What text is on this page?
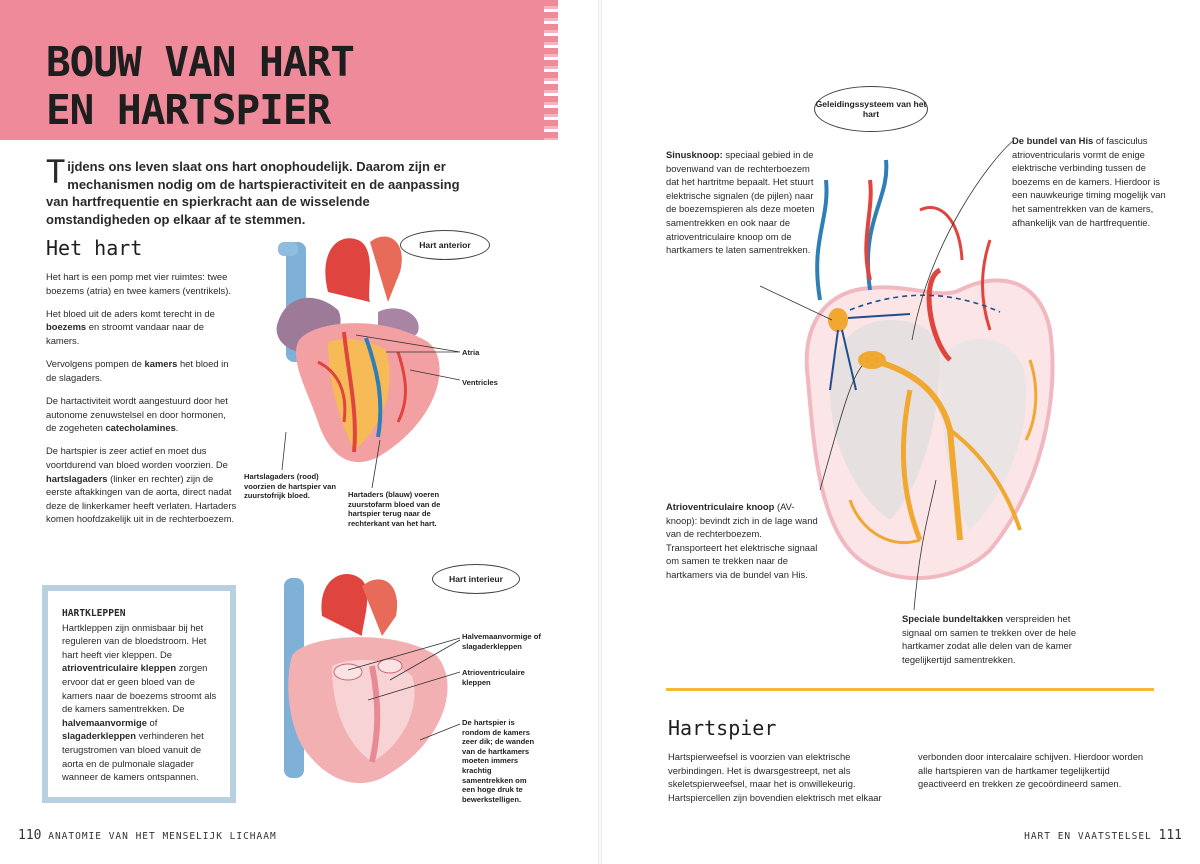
BOUW VAN HART
EN HARTSPIER
Tijdens ons leven slaat ons hart onophoudelijk. Daarom zijn er mechanismen nodig om de hartspieractiviteit en de aanpassing van hartfrequentie en spierkracht aan de wisselende omstandigheden op elkaar af te stemmen.
Het hart

Het hart is een pomp met vier ruimtes: twee boezems (atria) en twee kamers (ventrikels).

Het bloed uit de aders komt terecht in de boezems en stroomt vandaar naar de kamers.

Vervolgens pompen de kamers het bloed in de slagaders.

De hartactiviteit wordt aangestuurd door het autonome zenuwstelsel en door hormonen, de zogeheten catecholamines.

De hartspier is zeer actief en moet dus voortdurend van bloed worden voorzien. De hartslagaders (linker en rechter) zijn de eerste aftakkingen van de aorta, direct nadat deze de linkerkamer heeft verlaten. Hartaders komen hoofdzakelijk uit in de rechterboezem.

HARTKLEPPEN
Hartkleppen zijn onmisbaar bij het reguleren van de bloedstroom. Het hart heeft vier kleppen. De atrioventriculaire kleppen zorgen ervoor dat er geen bloed van de kamers naar de boezems stroomt als de kamers samentrekken. De halvemaanvormige of slagaderkleppen verhinderen het terugstromen van bloed vanuit de aorta en de pulmonale slagader wanneer de kamers ontspannen.
Hart anterior
Atria
Ventricles
Hartslagaders (rood) voorzien de hartspier van zuurstofrijk bloed.	Hartaders (blauw) voeren zuurstofarm bloed van de hartspier terug naar de rechterkant van het hart.
Hart interieur
Halvemaanvormige of slagaderkleppen
Atrioventriculaire kleppen
De hartspier is rondom de kamers zeer dik; de wanden van de hartkamers moeten immers krachtig samentrekken om een hoge druk te bewerkstelligen.
110 ANATOMIE VAN HET MENSELIJK LICHAAM
Geleidingssysteem van het hart
Sinusknoop: speciaal gebied in de bovenwand van de rechterboezem dat het hartritme bepaalt. Het stuurt elektrische signalen (de pijlen) naar de boezemspieren als deze moeten samentrekken en ook naar de atrioventriculaire knoop om de hartkamers te laten samentrekken.
De bundel van His of fasciculus atrioventricularis vormt de enige elektrische verbinding tussen de boezems en de kamers. Hierdoor is een nauwkeurige timing mogelijk van het samentrekken van de kamers, afhankelijk van de hartfrequentie.
Atrioventriculaire knoop (AV-knoop): bevindt zich in de lage wand van de rechterboezem. Transporteert het elektrische signaal om samen te trekken naar de hartkamers via de bundel van His.
Speciale bundeltakken verspreiden het signaal om samen te trekken over de hele hartkamer zodat alle delen van de kamer tegelijkertijd samentrekken.
Hartspier
Hartspierweefsel is voorzien van elektrische verbindingen. Het is dwarsgestreept, net als skeletspierweefsel, maar het is onwillekeurig. Hartspiercellen zijn bovendien elektrisch met elkaar
verbonden door intercalaire schijven. Hierdoor worden alle hartspieren van de hartkamer tegelijkertijd geactiveerd en trekken ze gecoördineerd samen.
HART EN VAATSTELSEL 111
